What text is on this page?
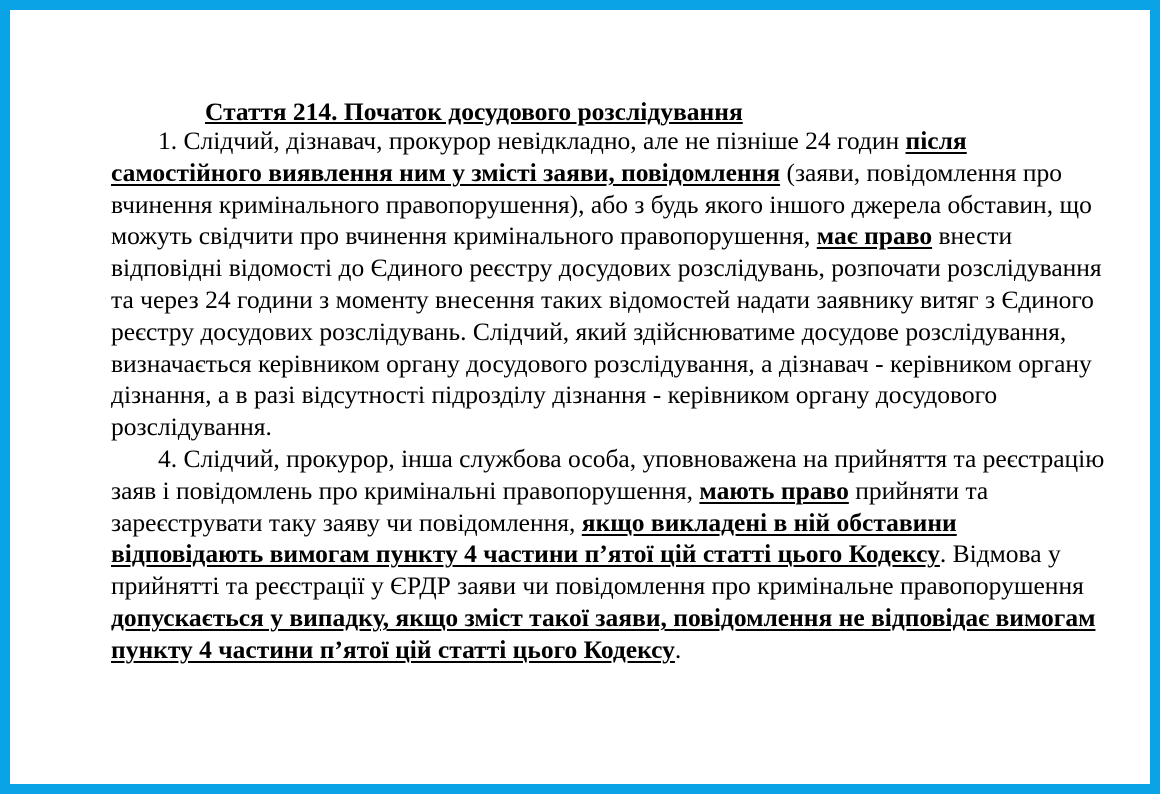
Стаття 214. Початок досудового розслідування

1. Слідчий, дізнавач, прокурор невідкладно, але не пізніше 24 годин після самостійного виявлення ним у змісті заяви, повідомлення (заяви, повідомлення про вчинення кримінального правопорушення), або з будь якого іншого джерела обставин, що можуть свідчити про вчинення кримінального правопорушення, має право внести відповідні відомості до Єдиного реєстру досудових розслідувань, розпочати розслідування та через 24 години з моменту внесення таких відомостей надати заявнику витяг з Єдиного реєстру досудових розслідувань. Слідчий, який здійснюватиме досудове розслідування, визначається керівником органу досудового розслідування, а дізнавач - керівником органу дізнання, а в разі відсутності підрозділу дізнання - керівником органу досудового розслідування.

4. Слідчий, прокурор, інша службова особа, уповноважена на прийняття та реєстрацію заяв і повідомлень про кримінальні правопорушення, мають право прийняти та зареєструвати таку заяву чи повідомлення, якщо викладені в ній обставини відповідають вимогам пункту 4 частини п’ятої цій статті цього Кодексу. Відмова у прийнятті та реєстрації у ЄРДР заяви чи повідомлення про кримінальне правопорушення допускається у випадку, якщо зміст такої заяви, повідомлення не відповідає вимогам пункту 4 частини п’ятої цій статті цього Кодексу.
